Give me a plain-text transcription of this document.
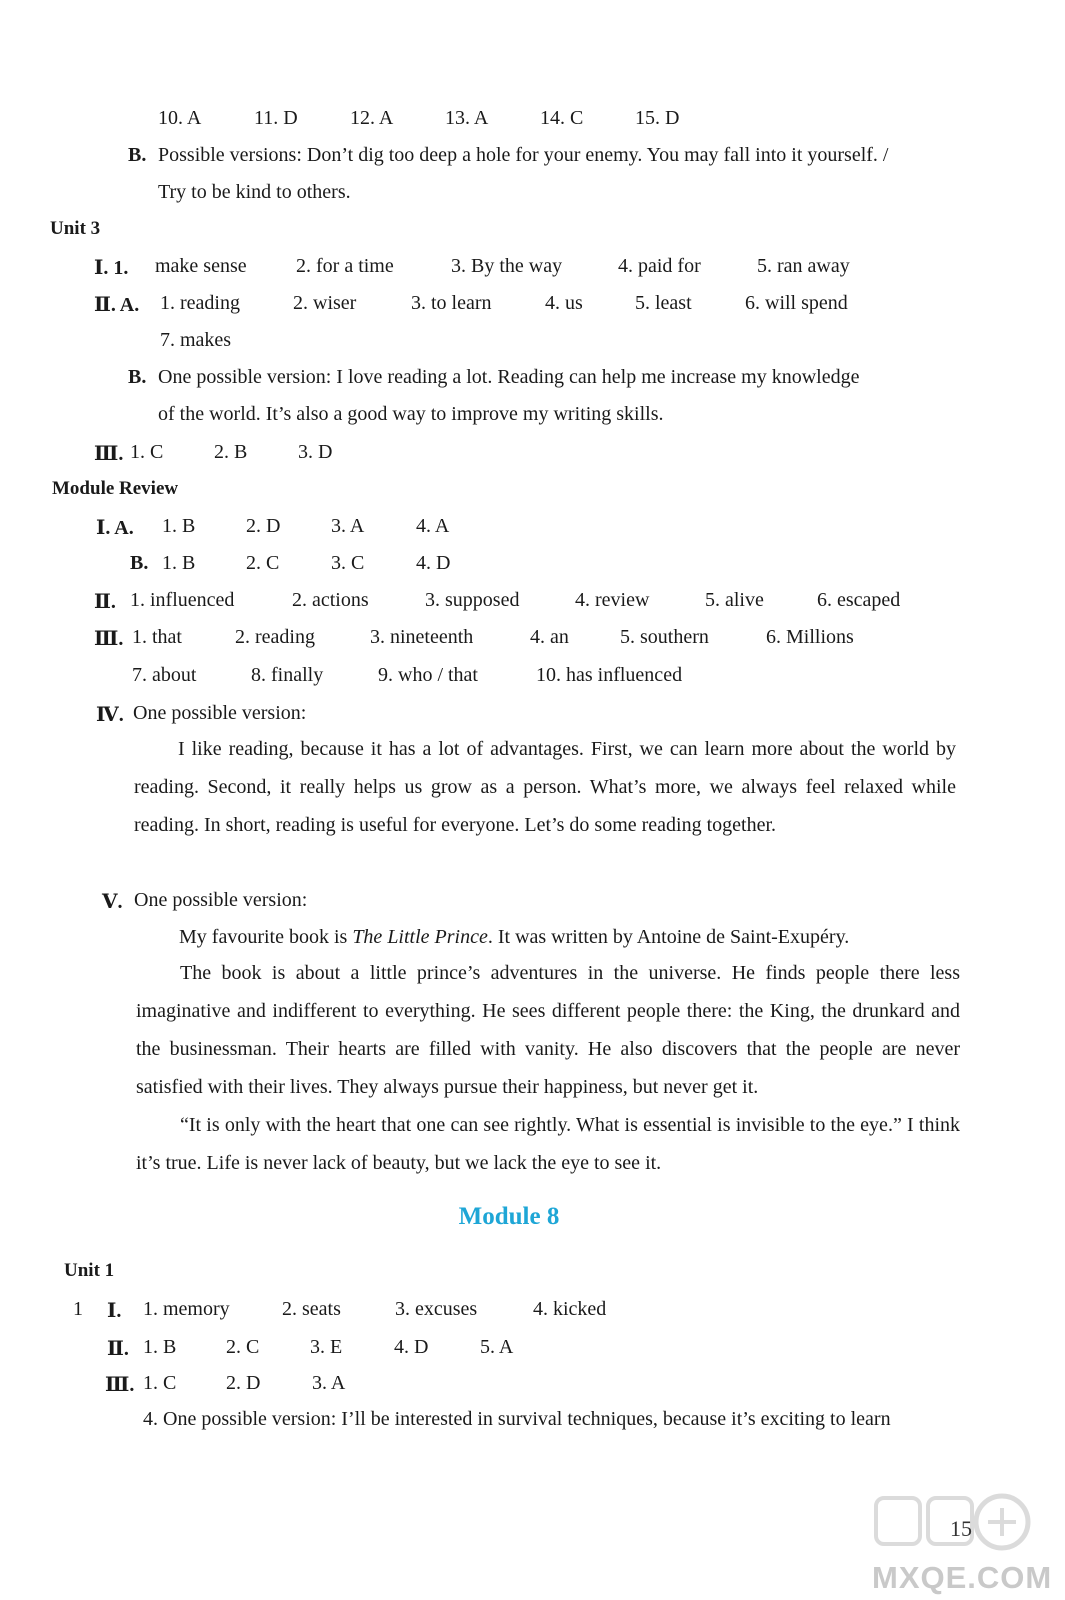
10. A	11. D	12. A	13. A	14. C	15. D
B. Possible versions: Don’t dig too deep a hole for your enemy. You may fall into it yourself. /
Try to be kind to others.
Unit 3
Ⅰ. 1. make sense 2. for a time	3. By the way	4. paid for	5. ran away
Ⅱ. A. 1. reading	2. wiser	3. to learn	4. us	5. least	6. will spend
7. makes
B. One possible version: I love reading a lot. Reading can help me increase my knowledge
of the world. It’s also a good way to improve my writing skills.
Ⅲ. 1. C	2. B	3. D
Module Review
Ⅰ. A. 1. B	2. D	3. A	4. A
B. 1. B	2. C	3. C	4. D
Ⅱ. 1. influenced	2. actions	3. supposed	4. review	5. alive	6. escaped
Ⅲ. 1. that	2. reading	3. nineteenth	4. an	5. southern	6. Millions
7. about	8. finally	9. who / that	10. has influenced
Ⅳ. One possible version:
I like reading, because it has a lot of advantages. First, we can learn more about the world by reading. Second, it really helps us grow as a person. What’s more, we always feel relaxed while reading. In short, reading is useful for everyone. Let’s do some reading together.
Ⅴ. One possible version:
My favourite book is The Little Prince. It was written by Antoine de Saint-Exupéry.
The book is about a little prince’s adventures in the universe. He finds people there less imaginative and indifferent to everything. He sees different people there: the King, the drunkard and the businessman. Their hearts are filled with vanity. He also discovers that the people are never satisfied with their lives. They always pursue their happiness, but never get it.
“It is only with the heart that one can see rightly. What is essential is invisible to the eye.” I think it’s true. Life is never lack of beauty, but we lack the eye to see it.
Module 8
Unit 1
1 Ⅰ. 1. memory	2. seats	3. excuses	4. kicked
Ⅱ. 1. B 2. C	3. E	4. D	5. A
Ⅲ. 1. C 2. D	3. A
4. One possible version: I’ll be interested in survival techniques, because it’s exciting to learn
15
MXQE.COM
